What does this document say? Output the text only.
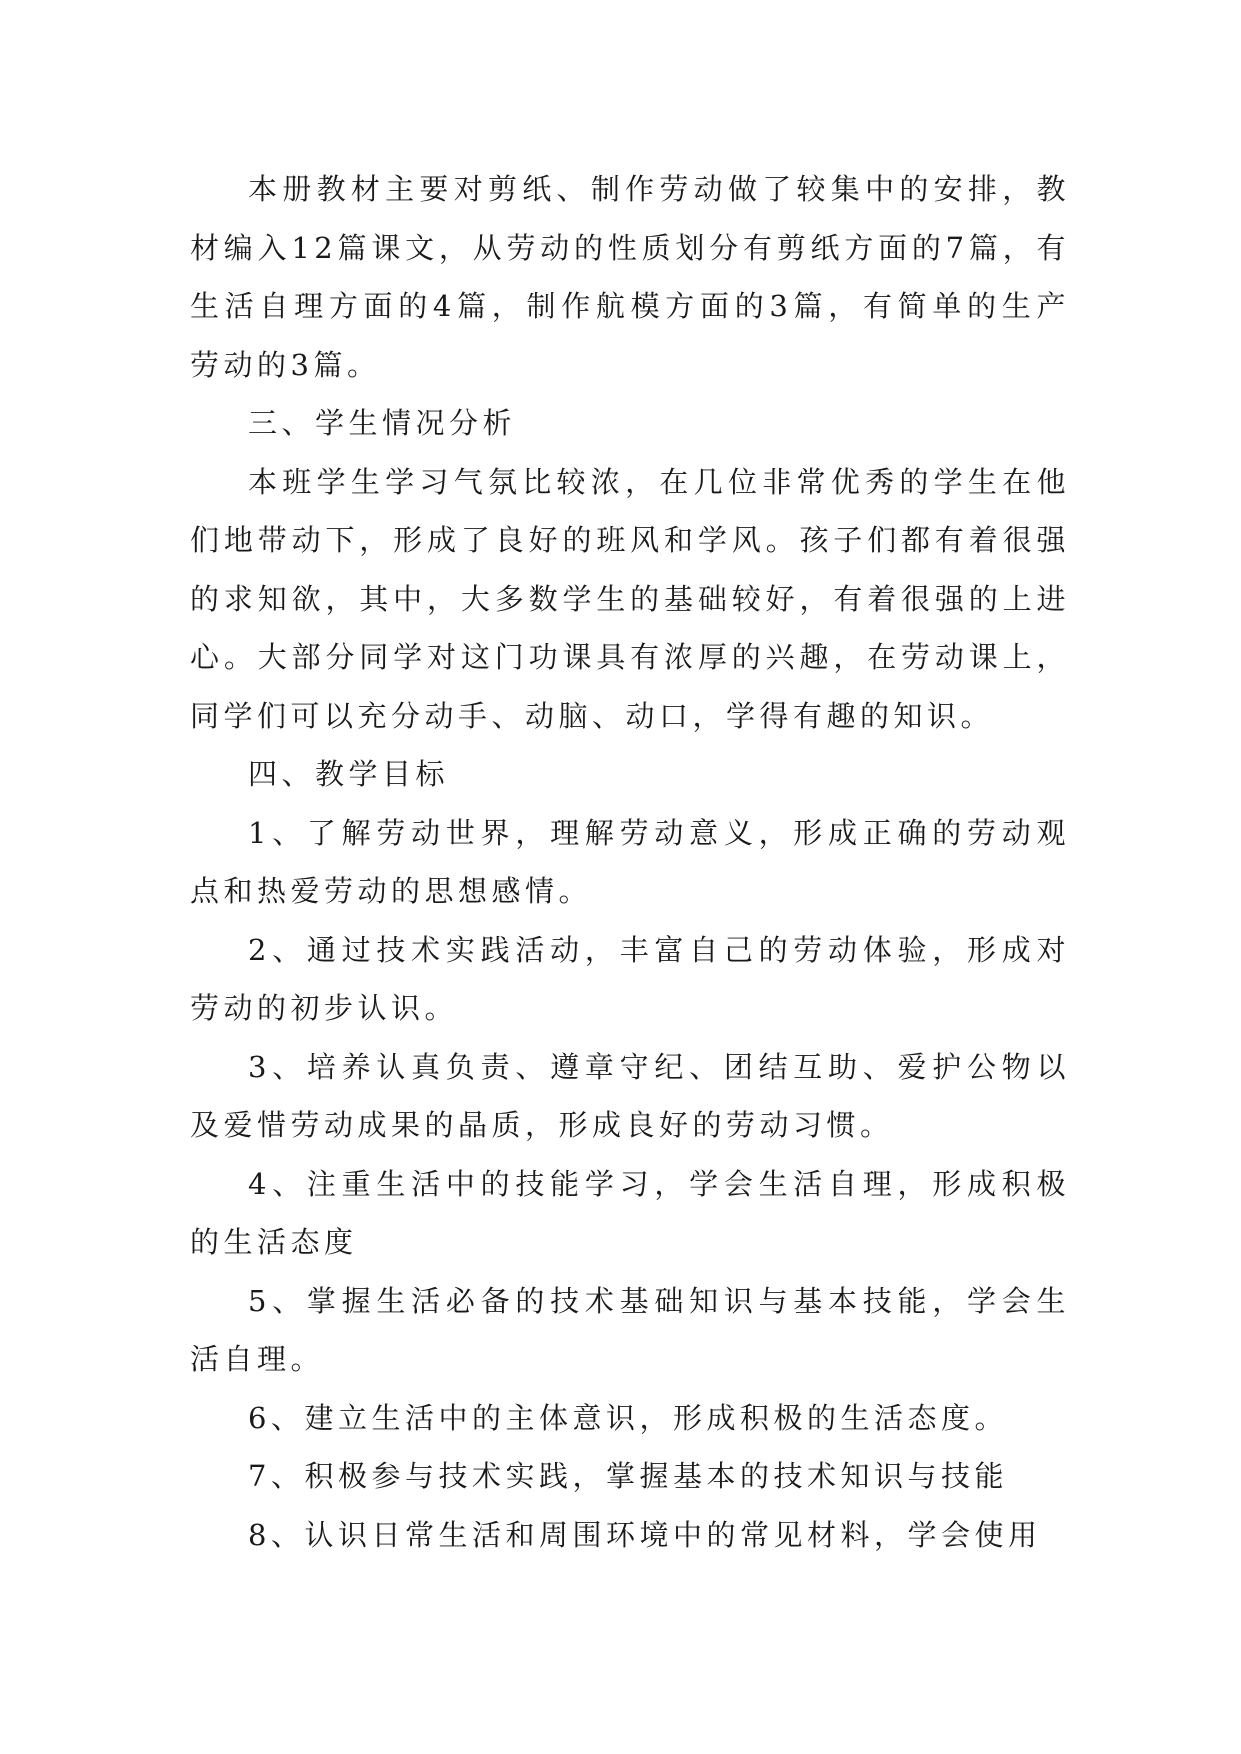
本册教材主要对剪纸、制作劳动做了较集中的安排，教材编入12篇课文，从劳动的性质划分有剪纸方面的7篇，有生活自理方面的4篇，制作航模方面的3篇，有简单的生产劳动的3篇。

三、学生情况分析

本班学生学习气氛比较浓，在几位非常优秀的学生在他们地带动下，形成了良好的班风和学风。孩子们都有着很强的求知欲，其中，大多数学生的基础较好，有着很强的上进心。大部分同学对这门功课具有浓厚的兴趣，在劳动课上，同学们可以充分动手、动脑、动口，学得有趣的知识。

四、教学目标

1、了解劳动世界，理解劳动意义，形成正确的劳动观点和热爱劳动的思想感情。

2、通过技术实践活动，丰富自己的劳动体验，形成对劳动的初步认识。

3、培养认真负责、遵章守纪、团结互助、爱护公物以及爱惜劳动成果的晶质，形成良好的劳动习惯。

4、注重生活中的技能学习，学会生活自理，形成积极的生活态度

5、掌握生活必备的技术基础知识与基本技能，学会生活自理。

6、建立生活中的主体意识，形成积极的生活态度。

7、积极参与技术实践，掌握基本的技术知识与技能

8、认识日常生活和周围环境中的常见材料，学会使用
